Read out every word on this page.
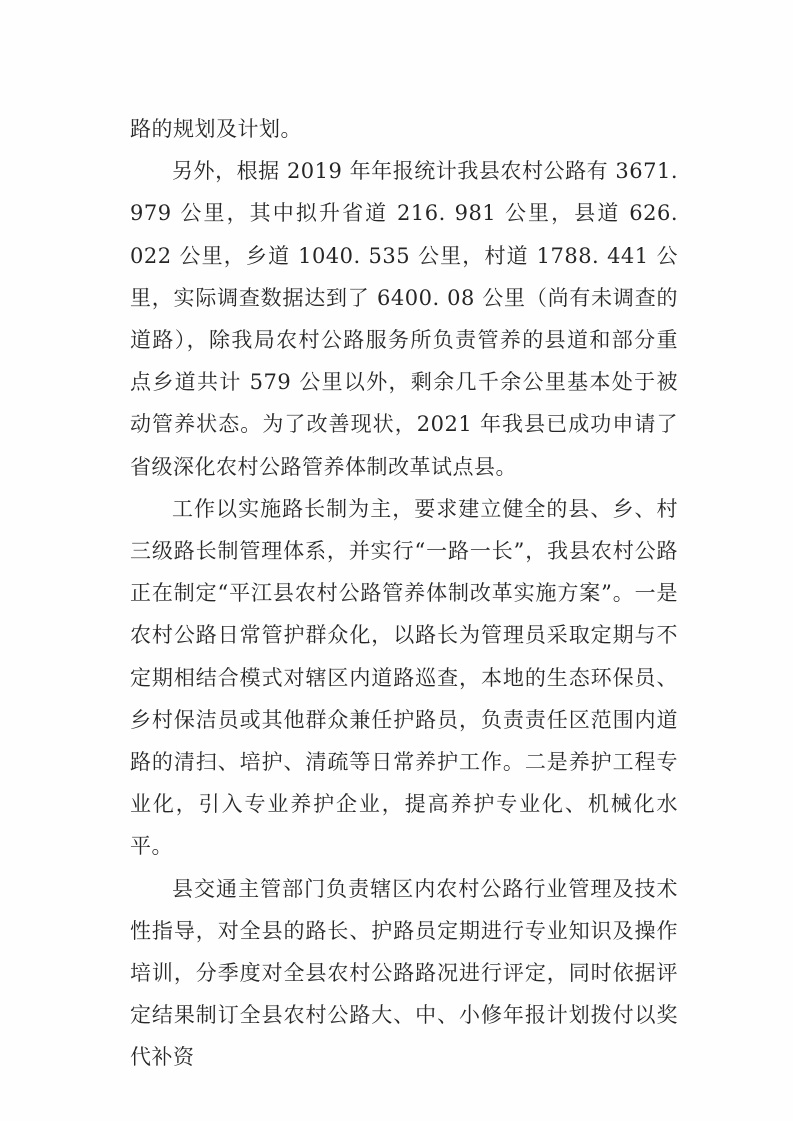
路的规划及计划。

另外，根据 2019 年年报统计我县农村公路有 3671. 979 公里，其中拟升省道 216. 981 公里，县道 626. 022 公里，乡道 1040. 535 公里，村道 1788. 441 公里，实际调查数据达到了 6400. 08 公里（尚有未调查的道路），除我局农村公路服务所负责管养的县道和部分重点乡道共计 579 公里以外，剩余几千余公里基本处于被动管养状态。为了改善现状，2021 年我县已成功申请了省级深化农村公路管养体制改革试点县。

工作以实施路长制为主，要求建立健全的县、乡、村三级路长制管理体系，并实行“一路一长”，我县农村公路正在制定“平江县农村公路管养体制改革实施方案”。一是农村公路日常管护群众化，以路长为管理员采取定期与不定期相结合模式对辖区内道路巡查，本地的生态环保员、乡村保洁员或其他群众兼任护路员，负责责任区范围内道路的清扫、培护、清疏等日常养护工作。二是养护工程专业化，引入专业养护企业，提高养护专业化、机械化水平。

县交通主管部门负责辖区内农村公路行业管理及技术性指导，对全县的路长、护路员定期进行专业知识及操作培训，分季度对全县农村公路路况进行评定，同时依据评定结果制订全县农村公路大、中、小修年报计划拨付以奖代补资
